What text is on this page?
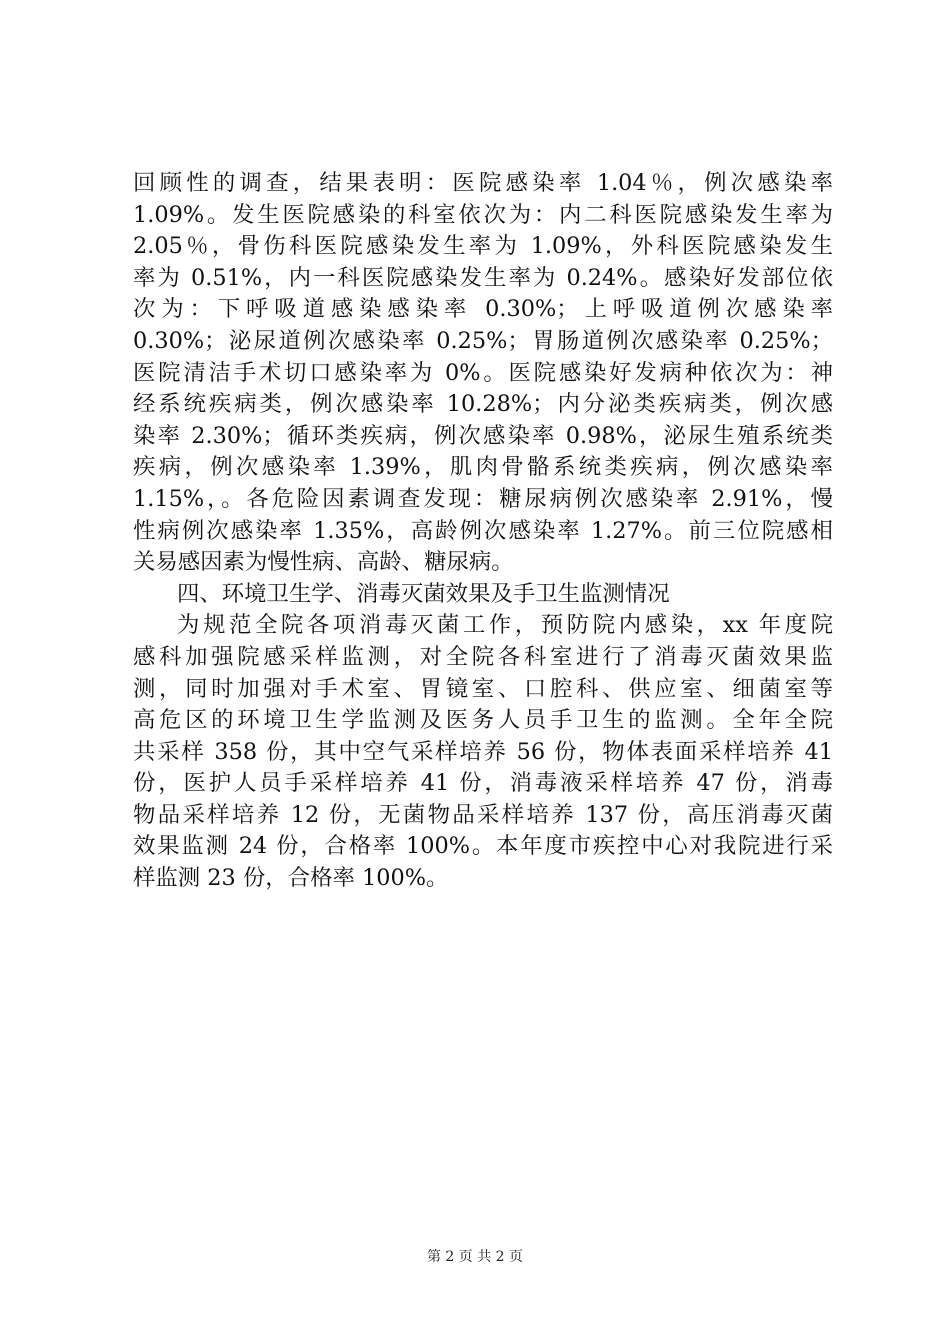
回顾性的调查，结果表明：医院感染率 1.04％，例次感染率
1.09%。发生医院感染的科室依次为：内二科医院感染发生率为
2.05％，骨伤科医院感染发生率为 1.09%，外科医院感染发生
率为 0.51%，内一科医院感染发生率为 0.24%。感染好发部位依
次为：下呼吸道感染感染率 0.30%；上呼吸道例次感染率
0.30%；泌尿道例次感染率 0.25%；胃肠道例次感染率 0.25%；
医院清洁手术切口感染率为 0%。医院感染好发病种依次为：神
经系统疾病类，例次感染率 10.28%；内分泌类疾病类，例次感
染率 2.30%；循环类疾病，例次感染率 0.98%，泌尿生殖系统类
疾病，例次感染率 1.39%，肌肉骨骼系统类疾病，例次感染率
1.15%，。各危险因素调查发现：糖尿病例次感染率 2.91%，慢
性病例次感染率 1.35%，高龄例次感染率 1.27%。前三位院感相
关易感因素为慢性病、高龄、糖尿病。
四、环境卫生学、消毒灭菌效果及手卫生监测情况
为规范全院各项消毒灭菌工作，预防院内感染，xx 年度院
感科加强院感采样监测，对全院各科室进行了消毒灭菌效果监
测，同时加强对手术室、胃镜室、口腔科、供应室、细菌室等
高危区的环境卫生学监测及医务人员手卫生的监测。全年全院
共采样 358 份，其中空气采样培养 56 份，物体表面采样培养 41
份，医护人员手采样培养 41 份，消毒液采样培养 47 份，消毒
物品采样培养 12 份，无菌物品采样培养 137 份，高压消毒灭菌
效果监测 24 份，合格率 100%。本年度市疾控中心对我院进行采
样监测 23 份，合格率 100%。
第 2 页 共 2 页
